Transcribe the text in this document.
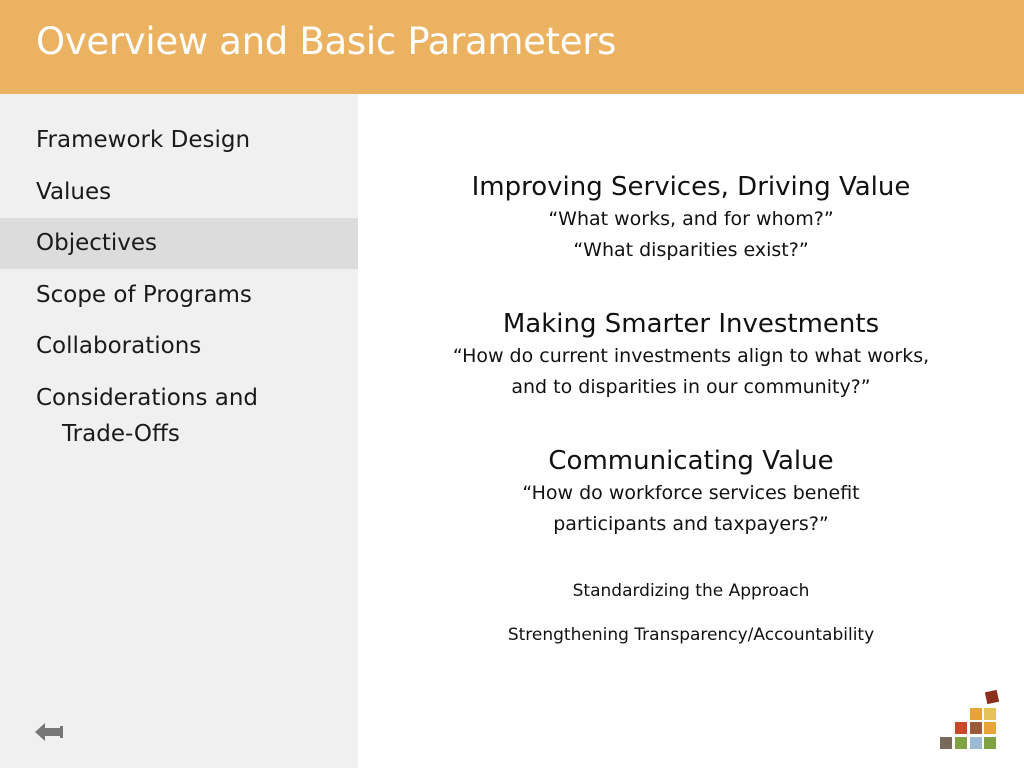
Overview and Basic Parameters
Framework Design
Values
Objectives
Scope of Programs
Collaborations
Considerations and
Trade-Offs
Improving Services, Driving Value
“What works, and for whom?”
“What disparities exist?”
Making Smarter Investments
“How do current investments align to what works,
and to disparities in our community?”
Communicating Value
“How do workforce services benefit
participants and taxpayers?”
Standardizing the Approach
Strengthening Transparency/Accountability
